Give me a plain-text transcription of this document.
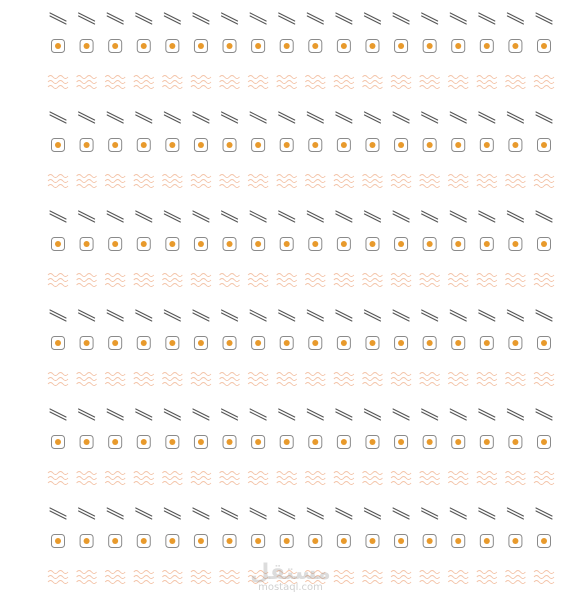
مستقل
mostaql.com
